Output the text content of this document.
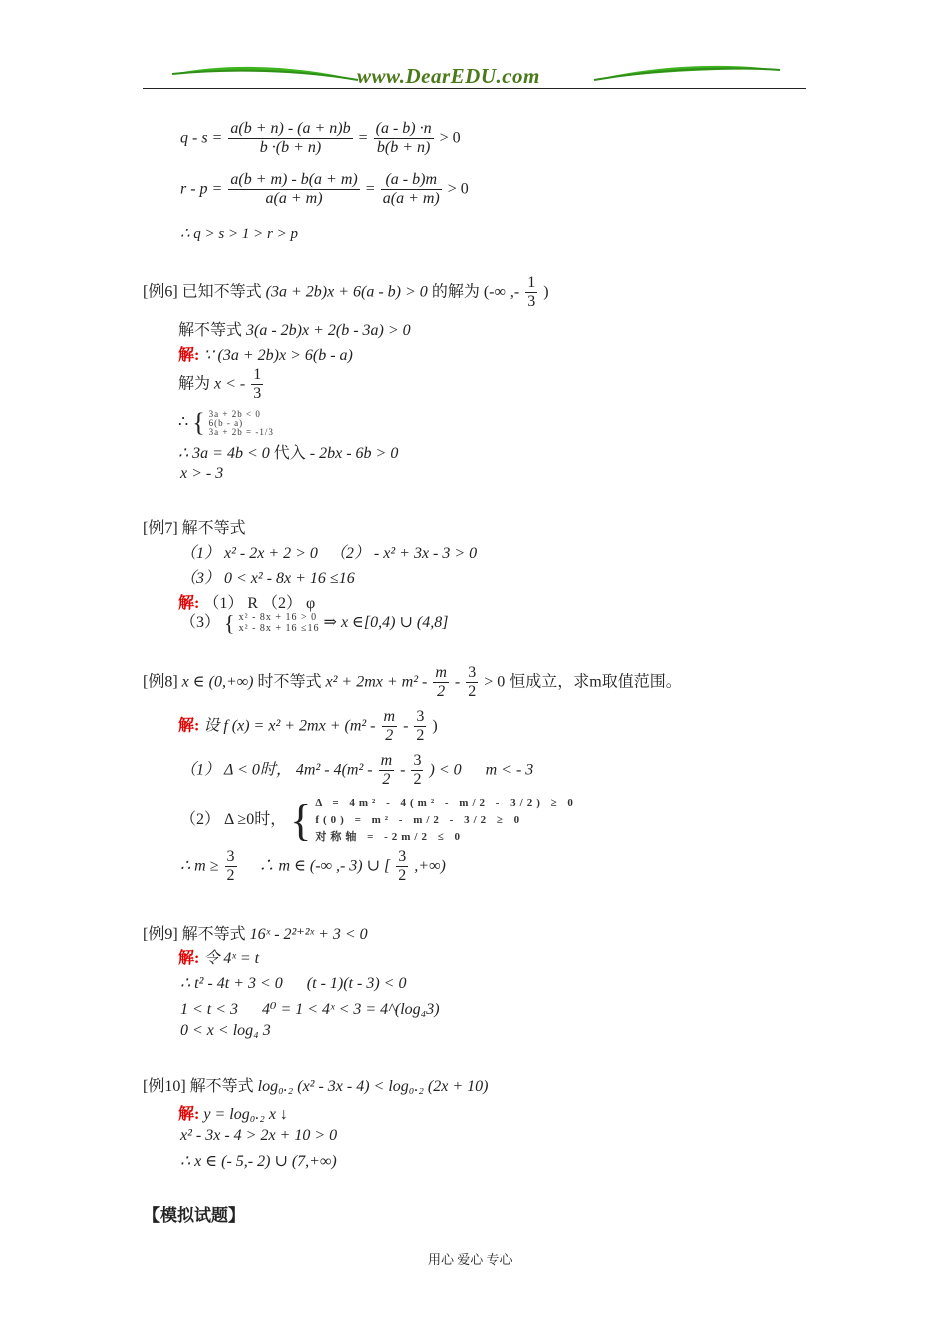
www.DearEDU.com
$q - s = \frac{a(b + n) - (a + n)b}{b \cdot(b + n)} = \frac{(a - b) \cdot n}{b(b + n)} > 0$
$r - p = \frac{a(b + m) - b(a + m)}{a(a + m)} = \frac{(a - b)m}{a(a + m)} > 0$
∴ q > s > 1 > r > p
[例6] 已知不等式 (3a + 2b)x + 6(a - b) > 0 的解为 (-∞ ,- $\frac{1}{3}$ )
解不等式 3(a - 2b)x + 2(b - 3a) > 0
解: ∵ (3a + 2b)x > 6(b - a)
解为 x < - $\frac{1}{3}$
∴ { 3a + 2b < 0
6(b - a)
3a + 2b = -1/3
∴ 3a = 4b < 0 代入 - 2bx - 6b > 0
x > - 3
[例7] 解不等式
（1） x² - 2x + 2 > 0 　（2） - x² + 3x - 3 > 0
（3） 0 < x² - 8x + 16 ≤16
解: （1） R （2） φ
（3） { x² - 8x + 16 > 0
x² - 8x + 16 ≤16 ⇒ x ∈[0,4) ∪ (4,8]
[例8] x ∈ (0,+∞) 时不等式 $x^2 + 2mx + m^2 - \frac{m}{2} - \frac{3}{2} > 0$ 恒成立，求m取值范围。
解: 设 f $(x) = x^2 + 2mx + (m^2 - \frac{m}{2} - \frac{3}{2}$ )
（1） Δ < 0时， $4m^2 - 4(m^2 - \frac{m}{2} - \frac{3}{2}$ ) < 0 　 m < - 3
（2） Δ ≥0时， { Δ = 4m² - 4(m² - m/2 - 3/2) ≥ 0
f(0) = m² - m/2 - 3/2 ≥ 0
对称轴 = -2m/2 ≤ 0
∴ $m \ge \frac{3}{2}$ 　∴ m ∈ (-∞ ,- 3) ∪ [ $\frac{3}{2}$ ,+∞)
[例9] 解不等式 16ˣ - 2²⁺²ˣ + 3 < 0
解: 令 4ˣ = t
∴ t² - 4t + 3 < 0 　 (t - 1)(t - 3) < 0
1 < t < 3 　 4⁰ = 1 < 4ˣ < 3 = 4^(log₄3)
0 < x < log₄ 3
[例10] 解不等式 log₀.₂ (x² - 3x - 4) < log₀.₂ (2x + 10)
解: y = log₀.₂ x ↓
x² - 3x - 4 > 2x + 10 > 0
∴ x ∈ (- 5,- 2) ∪ (7,+∞)
【模拟试题】
用心 爱心 专心
